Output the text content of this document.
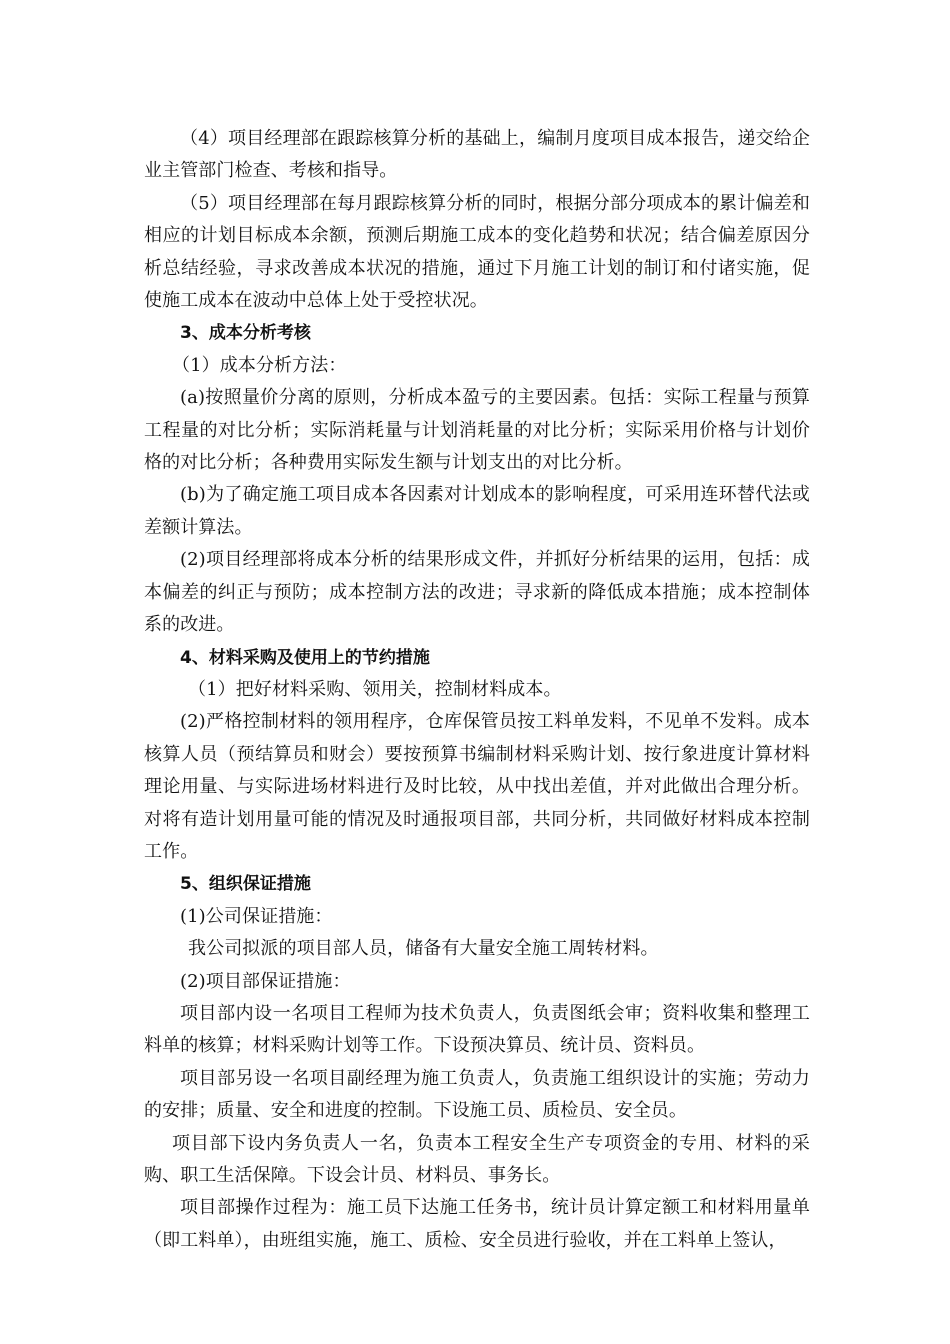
（4）项目经理部在跟踪核算分析的基础上，编制月度项目成本报告，递交给企业主管部门检查、考核和指导。

（5）项目经理部在每月跟踪核算分析的同时，根据分部分项成本的累计偏差和相应的计划目标成本余额，预测后期施工成本的变化趋势和状况；结合偏差原因分析总结经验，寻求改善成本状况的措施，通过下月施工计划的制订和付诸实施，促使施工成本在波动中总体上处于受控状况。

3、成本分析考核

（1）成本分析方法：

(a)按照量价分离的原则，分析成本盈亏的主要因素。包括：实际工程量与预算工程量的对比分析；实际消耗量与计划消耗量的对比分析；实际采用价格与计划价格的对比分析；各种费用实际发生额与计划支出的对比分析。

(b)为了确定施工项目成本各因素对计划成本的影响程度，可采用连环替代法或差额计算法。

(2)项目经理部将成本分析的结果形成文件，并抓好分析结果的运用，包括：成本偏差的纠正与预防；成本控制方法的改进；寻求新的降低成本措施；成本控制体系的改进。

4、材料采购及使用上的节约措施

（1）把好材料采购、领用关，控制材料成本。

(2)严格控制材料的领用程序，仓库保管员按工料单发料，不见单不发料。成本核算人员（预结算员和财会）要按预算书编制材料采购计划、按行象进度计算材料理论用量、与实际进场材料进行及时比较，从中找出差值，并对此做出合理分析。对将有造计划用量可能的情况及时通报项目部，共同分析，共同做好材料成本控制工作。

5、组织保证措施

(1)公司保证措施：

我公司拟派的项目部人员，储备有大量安全施工周转材料。

(2)项目部保证措施：

项目部内设一名项目工程师为技术负责人，负责图纸会审；资料收集和整理工料单的核算；材料采购计划等工作。下设预决算员、统计员、资料员。

项目部另设一名项目副经理为施工负责人，负责施工组织设计的实施；劳动力的安排；质量、安全和进度的控制。下设施工员、质检员、安全员。

项目部下设内务负责人一名，负责本工程安全生产专项资金的专用、材料的采购、职工生活保障。下设会计员、材料员、事务长。

项目部操作过程为：施工员下达施工任务书，统计员计算定额工和材料用量单（即工料单），由班组实施，施工、质检、安全员进行验收，并在工料单上签认，
